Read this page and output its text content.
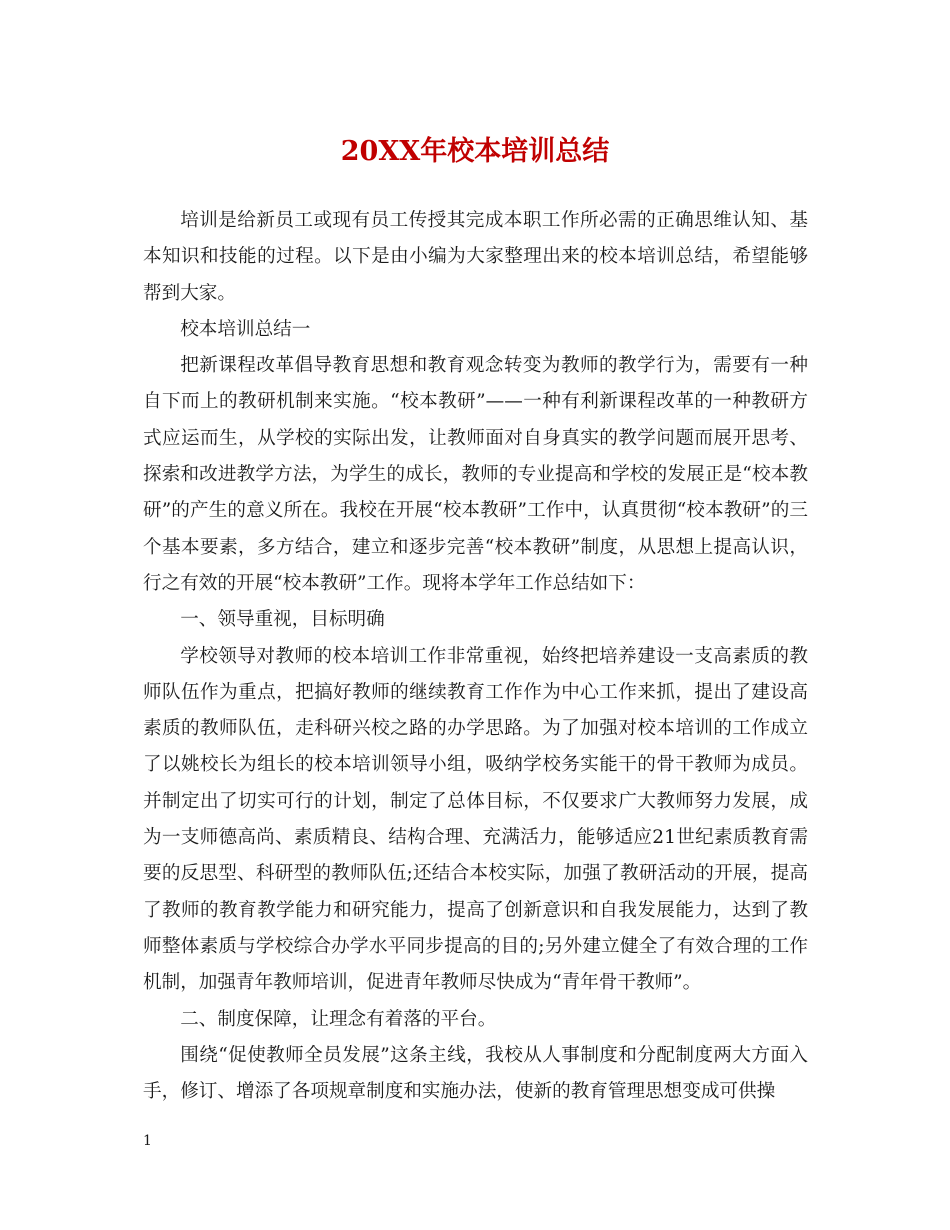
20XX年校本培训总结

培训是给新员工或现有员工传授其完成本职工作所必需的正确思维认知、基本知识和技能的过程。以下是由小编为大家整理出来的校本培训总结，希望能够帮到大家。

校本培训总结一

把新课程改革倡导教育思想和教育观念转变为教师的教学行为，需要有一种自下而上的教研机制来实施。“校本教研”——一种有利新课程改革的一种教研方式应运而生，从学校的实际出发，让教师面对自身真实的教学问题而展开思考、探索和改进教学方法，为学生的成长，教师的专业提高和学校的发展正是“校本教研”的产生的意义所在。我校在开展“校本教研”工作中，认真贯彻“校本教研”的三个基本要素，多方结合，建立和逐步完善“校本教研”制度，从思想上提高认识，行之有效的开展“校本教研”工作。现将本学年工作总结如下：

一、领导重视，目标明确

学校领导对教师的校本培训工作非常重视，始终把培养建设一支高素质的教师队伍作为重点，把搞好教师的继续教育工作作为中心工作来抓，提出了建设高素质的教师队伍，走科研兴校之路的办学思路。为了加强对校本培训的工作成立了以姚校长为组长的校本培训领导小组，吸纳学校务实能干的骨干教师为成员。并制定出了切实可行的计划，制定了总体目标，不仅要求广大教师努力发展，成为一支师德高尚、素质精良、结构合理、充满活力，能够适应21世纪素质教育需要的反思型、科研型的教师队伍;还结合本校实际，加强了教研活动的开展，提高了教师的教育教学能力和研究能力，提高了创新意识和自我发展能力，达到了教师整体素质与学校综合办学水平同步提高的目的;另外建立健全了有效合理的工作机制，加强青年教师培训，促进青年教师尽快成为“青年骨干教师”。

二、制度保障，让理念有着落的平台。

围绕“促使教师全员发展”这条主线，我校从人事制度和分配制度两大方面入手，修订、增添了各项规章制度和实施办法，使新的教育管理思想变成可供操

1
